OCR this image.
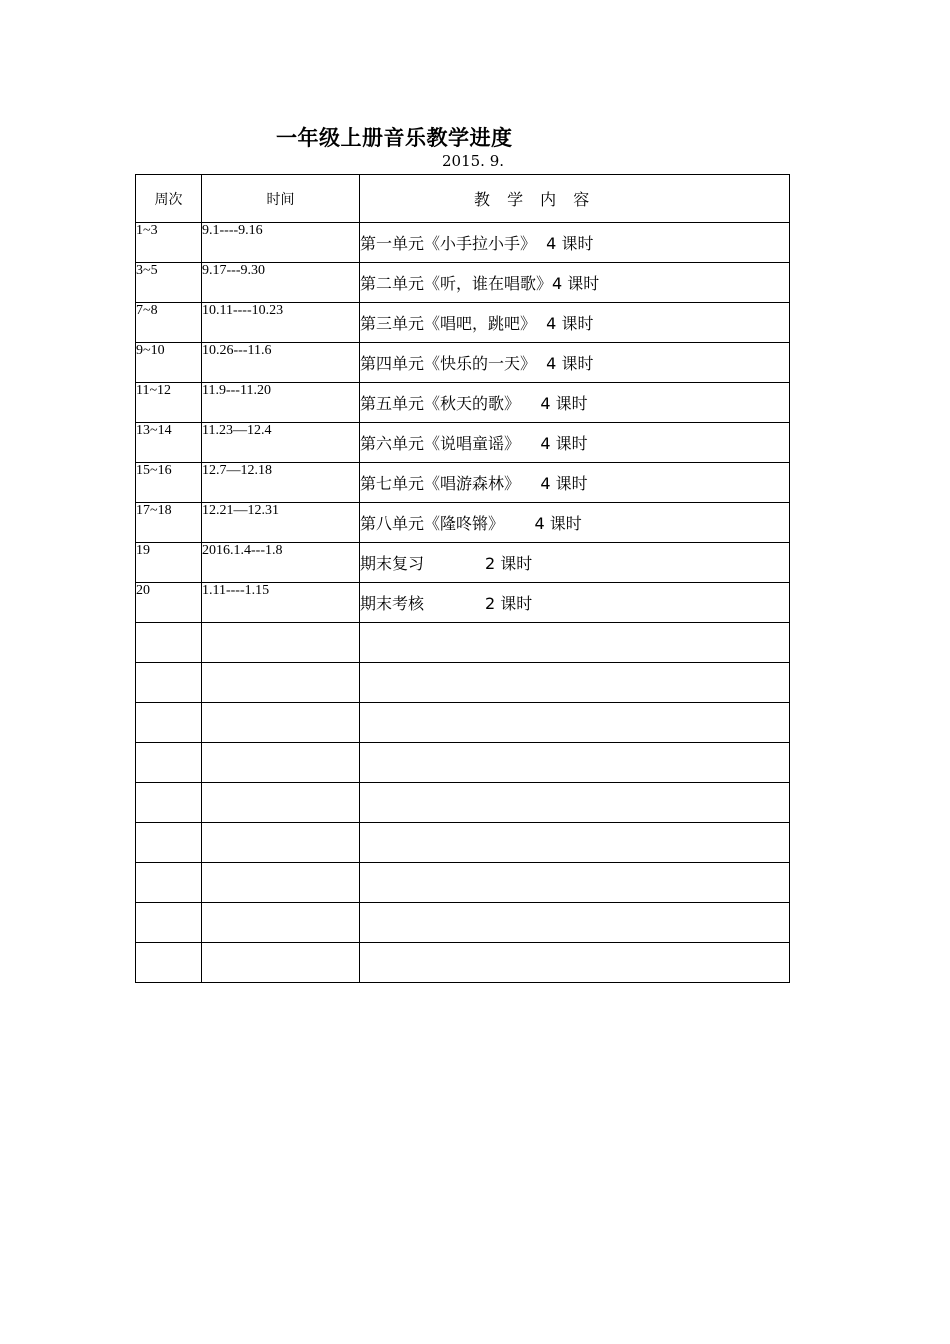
一年级上册音乐教学进度
2015. 9.
周次	时间	教 学 内 容
1~3	9.1----9.16	第一单元《小手拉小手》  4 课时
3~5	9.17---9.30	第二单元《听，谁在唱歌》4 课时
7~8	10.11----10.23	第三单元《唱吧，跳吧》  4 课时
9~10	10.26---11.6	第四单元《快乐的一天》  4 课时
11~12	11.9---11.20	第五单元《秋天的歌》    4 课时
13~14	11.23—12.4	第六单元《说唱童谣》    4 课时
15~16	12.7—12.18	第七单元《唱游森林》    4 课时
17~18	12.21—12.31	第八单元《隆咚锵》      4 课时
19	2016.1.4---1.8	期末复习            2 课时
20	1.11----1.15	期末考核            2 课时
